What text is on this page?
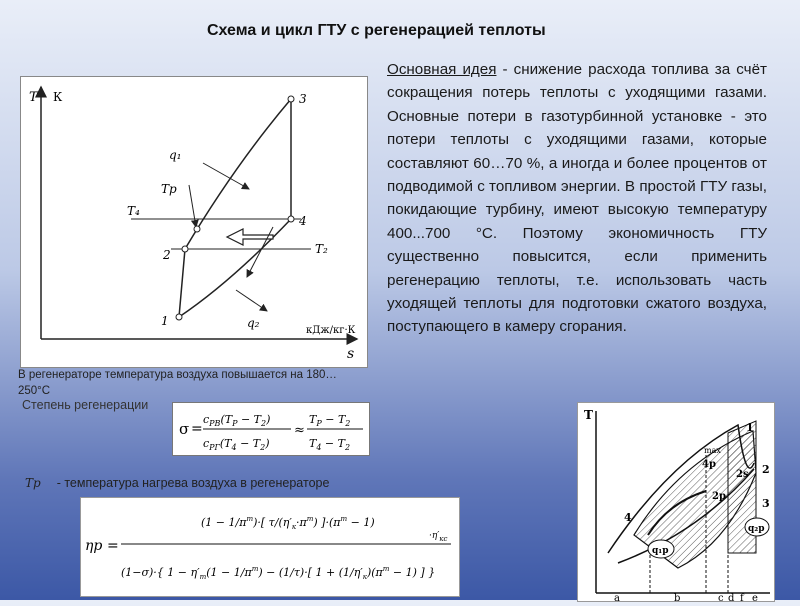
Схема и цикл ГТУ с регенерацией теплоты
Основная идея - снижение расхода топлива за счёт сокращения потерь теплоты с уходящими газами. Основные потери в газотурбинной установке - это потери теплоты с уходящими газами, которые составляют 60…70 %, а иногда и более процентов от подводимой с топливом энергии. В простой ГТУ газы, покидающие турбину, имеют высокую температуру 400...700 °С. Поэтому экономичность ГТУ существенно повысится, если применить регенерацию теплоты, т.е. использовать часть уходящей теплоты для подготовки сжатого воздуха, поступающего в камеру сгорания.
T К
s
кДж/кг·К
1
2
3
4
q₁
q₂
Tр
T₄
T₂
В регенераторе температура воздуха повышается на 180…250°С
Степень регенерации
σ =
$c_{PB}(T_P - T_2)$
$c_{PГ}(T_4 - T_2)$
≈
$T_P - T_2$
$T_4 - T_2$
Tр - температура нагрева воздуха в регенераторе
ηр =
$(1 - 1/\pi^m)\cdot$[ $\tau/(\eta'_к\cdot\pi^m) ]\cdot(\pi^m - 1)$
(1−σ)·{ $1 - \eta'_т(1 - 1/\pi^m) - (1/\tau)\cdot$[ $1 + (1/\eta'_к)(\pi^m - 1)$ ] }
$\cdot\eta'_{кс}$
T
1
2
3
4
4р
2р
2s
max
q₁р
q₂р
a	b	c d f e
